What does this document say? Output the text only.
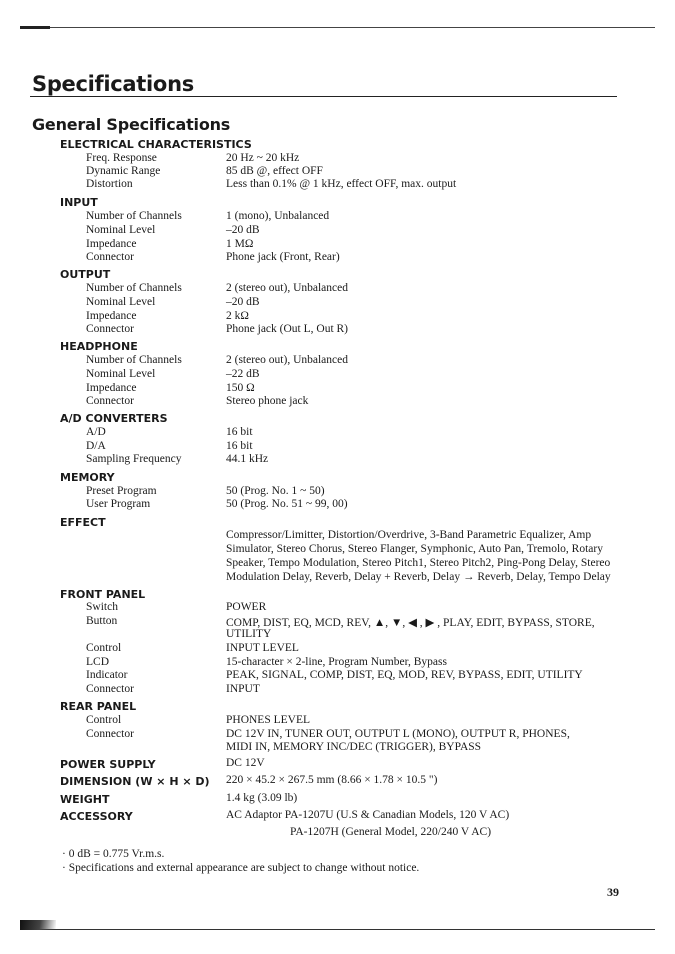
Specifications
General Specifications
ELECTRICAL CHARACTERISTICS
Freq. Response	20 Hz ~ 20 kHz
Dynamic Range	85 dB @, effect OFF
Distortion	Less than 0.1% @ 1 kHz, effect OFF, max. output
INPUT
Number of Channels	1 (mono), Unbalanced
Nominal Level	–20 dB
Impedance	1 MΩ
Connector	Phone jack (Front, Rear)
OUTPUT
Number of Channels	2 (stereo out), Unbalanced
Nominal Level	–20 dB
Impedance	2 kΩ
Connector	Phone jack (Out L, Out R)
HEADPHONE
Number of Channels	2 (stereo out), Unbalanced
Nominal Level	–22 dB
Impedance	150 Ω
Connector	Stereo phone jack
A/D CONVERTERS
A/D	16 bit
D/A	16 bit
Sampling Frequency	44.1 kHz
MEMORY
Preset Program	50 (Prog. No. 1 ~ 50)
User Program	50 (Prog. No. 51 ~ 99, 00)
EFFECT
Compressor/Limitter, Distortion/Overdrive, 3-Band Parametric Equalizer, Amp Simulator, Stereo Chorus, Stereo Flanger, Symphonic, Auto Pan, Tremolo, Rotary Speaker, Tempo Modulation, Stereo Pitch1, Stereo Pitch2, Ping-Pong Delay, Stereo Modulation Delay, Reverb, Delay + Reverb, Delay → Reverb, Delay, Tempo Delay
FRONT PANEL
Switch	POWER
Button	COMP, DIST, EQ, MCD, REV, ▲, ▼, ◀ , ▶ , PLAY, EDIT, BYPASS, STORE,
UTILITY
Control	INPUT LEVEL
LCD	15-character × 2-line, Program Number, Bypass
Indicator	PEAK, SIGNAL, COMP, DIST, EQ, MOD, REV, BYPASS, EDIT, UTILITY
Connector	INPUT
REAR PANEL
Control	PHONES LEVEL
Connector	DC 12V IN, TUNER OUT, OUTPUT L (MONO), OUTPUT R, PHONES,
MIDI IN, MEMORY INC/DEC (TRIGGER), BYPASS
POWER SUPPLY	DC 12V
DIMENSION (W × H × D) 220 × 45.2 × 267.5 mm (8.66 × 1.78 × 10.5 ")
WEIGHT	1.4 kg (3.09 lb)
ACCESSORY	AC Adaptor PA-1207U (U.S & Canadian Models, 120 V AC)
PA-1207H (General Model, 220/240 V AC)
· 0 dB = 0.775 Vr.m.s.
· Specifications and external appearance are subject to change without notice.
39
